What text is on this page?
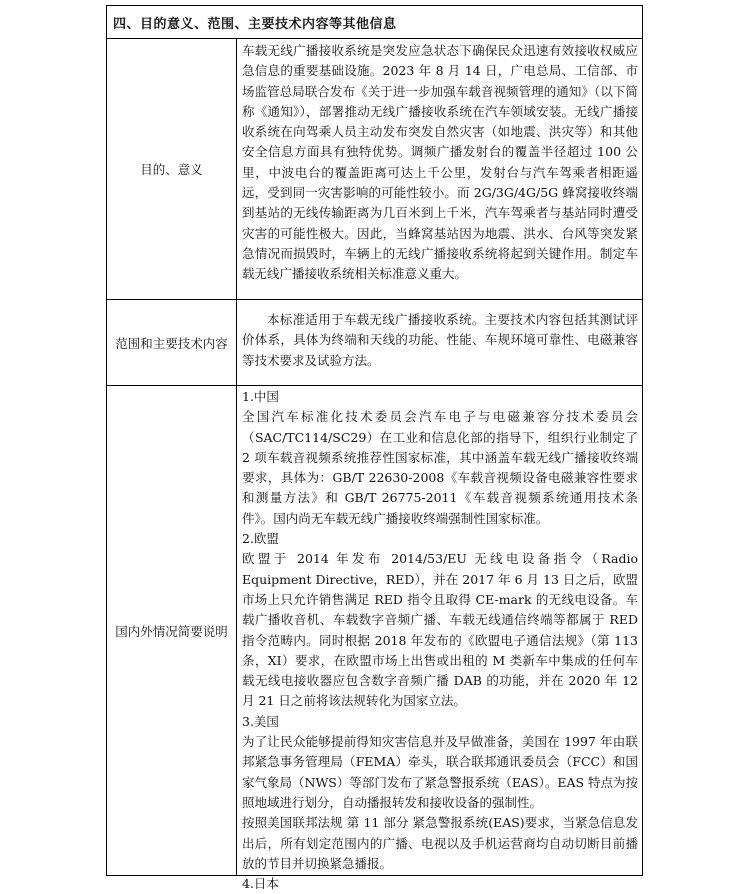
四、目的意义、范围、主要技术内容等其他信息
目的、意义

车载无线广播接收系统是突发应急状态下确保民众迅速有效接收权威应急信息的重要基础设施。2023 年 8 月 14 日，广电总局、工信部、市场监管总局联合发布《关于进一步加强车载音视频管理的通知》（以下简称《通知》），部署推动无线广播接收系统在汽车领域安装。无线广播接收系统在向驾乘人员主动发布突发自然灾害（如地震、洪灾等）和其他安全信息方面具有独特优势。调频广播发射台的覆盖半径超过 100 公里，中波电台的覆盖距离可达上千公里，发射台与汽车驾乘者相距遥远，受到同一灾害影响的可能性较小。而 2G/3G/4G/5G 蜂窝接收终端到基站的无线传输距离为几百米到上千米，汽车驾乘者与基站同时遭受灾害的可能性极大。因此，当蜂窝基站因为地震、洪水、台风等突发紧急情况而损毁时，车辆上的无线广播接收系统将起到关键作用。制定车载无线广播接收系统相关标准意义重大。

范围和主要技术内容

本标准适用于车载无线广播接收系统。主要技术内容包括其测试评价体系，具体为终端和天线的功能、性能、车规环境可靠性、电磁兼容等技术要求及试验方法。

国内外情况简要说明

1.中国

全国汽车标准化技术委员会汽车电子与电磁兼容分技术委员会（SAC/TC114/SC29）在工业和信息化部的指导下，组织行业制定了 2 项车载音视频系统推荐性国家标准，其中涵盖车载无线广播接收终端要求，具体为：GB/T 22630-2008《车载音视频设备电磁兼容性要求和测量方法》和 GB/T 26775-2011《车载音视频系统通用技术条件》。国内尚无车载无线广播接收终端强制性国家标准。

2.欧盟

欧盟于 2014 年发布 2014/53/EU 无线电设备指令（Radio Equipment Directive，RED），并在 2017 年 6 月 13 日之后，欧盟市场上只允许销售满足 RED 指令且取得 CE-mark 的无线电设备。车载广播收音机、车载数字音频广播、车载无线通信终端等都属于 RED 指令范畴内。同时根据 2018 年发布的《欧盟电子通信法规》（第 113 条，XI）要求，在欧盟市场上出售或出租的 M 类新车中集成的任何车载无线电接收器应包含数字音频广播 DAB 的功能，并在 2020 年 12 月 21 日之前将该法规转化为国家立法。

3.美国

为了让民众能够提前得知灾害信息并及早做准备，美国在 1997 年由联邦紧急事务管理局（FEMA）牵头，联合联邦通讯委员会（FCC）和国家气象局（NWS）等部门发布了紧急警报系统（EAS）。EAS 特点为按照地域进行划分，自动播报转发和接收设备的强制性。

按照美国联邦法规 第 11 部分 紧急警报系统(EAS)要求，当紧急信息发出后，所有划定范围内的广播、电视以及手机运营商均自动切断目前播放的节目并切换紧急播报。

4.日本
